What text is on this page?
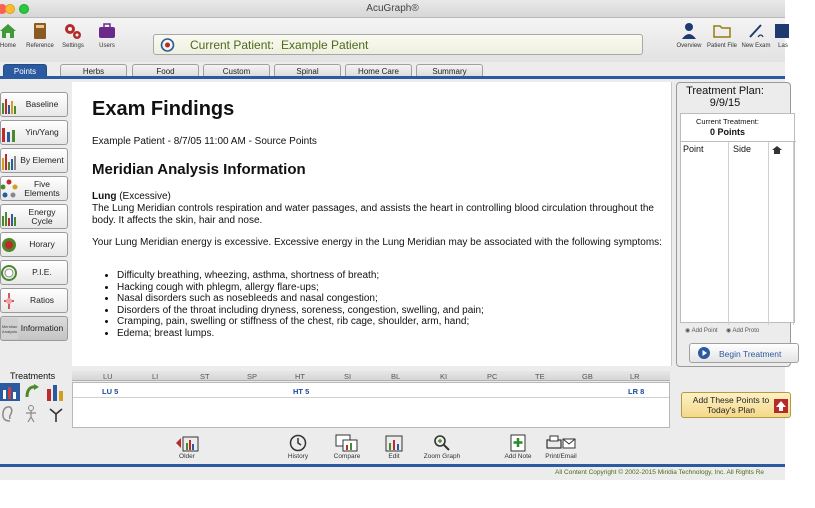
AcuGraph®
Home	Reference	Settings	Users	Current Patient: Example Patient	Overview Patient File New Exam	Las
Points	Herbs	Food	Custom	Spinal	Home Care	Summary
Baseline
Yin/Yang
By Element
Five Elements
Energy Cycle
Horary
P.I.E.
Ratios
Meridian Analysis Information
Exam Findings
Example Patient - 8/7/05 11:00 AM - Source Points
Meridian Analysis Information
Lung (Excessive)
The Lung Meridian controls respiration and water passages, and assists the heart in controlling blood circulation throughout the body. It affects the skin, hair and nose.
Your Lung Meridian energy is excessive. Excessive energy in the Lung Meridian may be associated with the following symptoms:
• Difficulty breathing, wheezing, asthma, shortness of breath;
• Hacking cough with phlegm, allergy flare-ups;
• Nasal disorders such as nosebleeds and nasal congestion;
• Disorders of the throat including dryness, soreness, congestion, swelling, and pain;
• Cramping, pain, swelling or stiffness of the chest, rib cage, shoulder, arm, hand;
• Edema; breast lumps.
Treatment Plan:
9/9/15
Current Treatment:
0 Points
Point	Side
◉ Add Point ◉ Add Proto
Begin Treatment
Treatments	LU	LI	ST	SP	HT	SI	BL	KI	PC	TE	GB	LR
LU 5	HT 5	LR 8
Add These Points to Today's Plan
Older	History	Compare	Edit	Zoom Graph	Add Note	Print/Email
All Content Copyright © 2002-2015 Miridia Technology, Inc. All Rights Re
